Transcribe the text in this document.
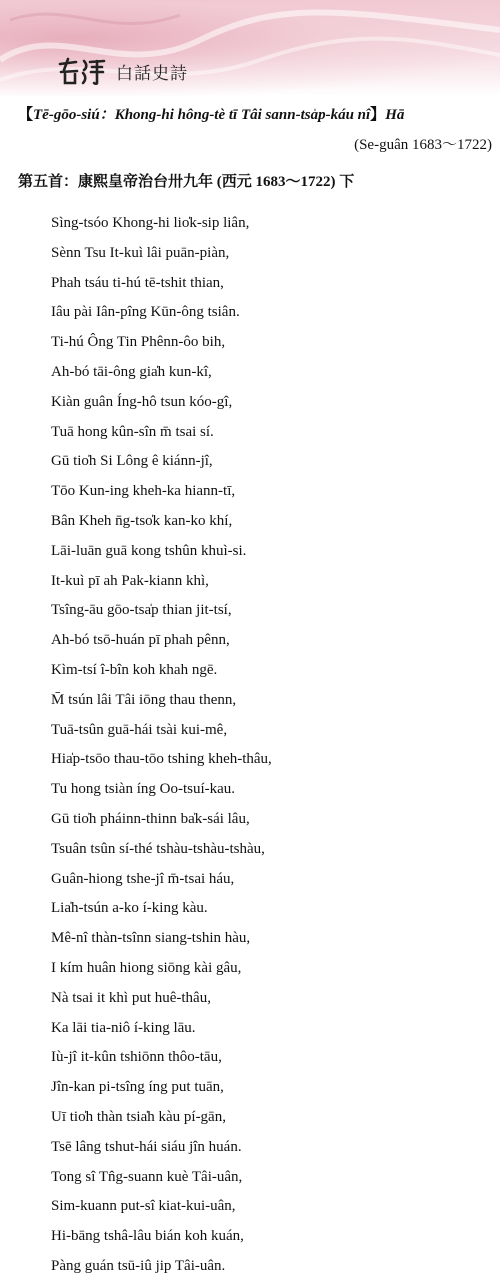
白話史詩
【Tē-gōo-siú：Khong-hi hông-tè tī Tâi sann-tsa̍p-káu nî】Hā
(Se-guân 1683～1722)
第五首：康熙皇帝治台卅九年 (西元 1683～1722) 下
Sìng-tsóo Khong-hi lio̍k-sip liân,
Sènn Tsu It-kuì lâi puān-piàn,
Phah tsáu ti-hú tē-tshit thian,
Iâu pài Iân-pîng Kūn-ông tsiân.
Ti-hú Ông Tin Phênn-ôo bih,
Ah-bó tāi-ông gia̍h kun-kî,
Kiàn guân Íng-hô tsun kóo-gî,
Tuā hong kûn-sîn m̄ tsai sí.
Gū tio̍h Si Lông ê kiánn-jî,
Tōo Kun-ing kheh-ka hiann-tī,
Bân Kheh n̄g-tso̍k kan-ko khí,
Lāi-luān guā kong tshûn khuì-si.
It-kuì pī ah Pak-kiann khì,
Tsîng-āu gōo-tsa̍p thian jit-tsí,
Ah-bó tsō-huán pī phah pênn,
Kìm-tsí î-bîn koh khah ngē.
M̄ tsún lâi Tâi iōng thau thenn,
Tuā-tsûn guā-hái tsài kui-mê,
Hia̍p-tsōo thau-tōo tshing kheh-thâu,
Tu hong tsiàn íng Oo-tsuí-kau.
Gū tio̍h pháinn-thinn ba̍k-sái lâu,
Tsuân tsûn sí-thé tshàu-tshàu-tshàu,
Guân-hiong tshe-jî m̄-tsai háu,
Lia̍h-tsún a-ko í-king kàu.
Mê-nî thàn-tsînn siang-tshin hàu,
I kím huân hiong siōng kài gâu,
Nà tsai it khì put huê-thâu,
Ka lāi tia-niô í-king lāu.
Iù-jî it-kûn tshiōnn thôo-tāu,
Jîn-kan pi-tsîng íng put tuān,
Uī tio̍h thàn tsia̍h kàu pí-gān,
Tsē lâng tshut-hái siáu jîn huán.
Tong sî Tn̂g-suann kuè Tâi-uân,
Sim-kuann put-sî kiat-kui-uân,
Hi-bāng tshâ-lâu bián koh kuán,
Pàng guán tsū-iû jip Tâi-uân.
